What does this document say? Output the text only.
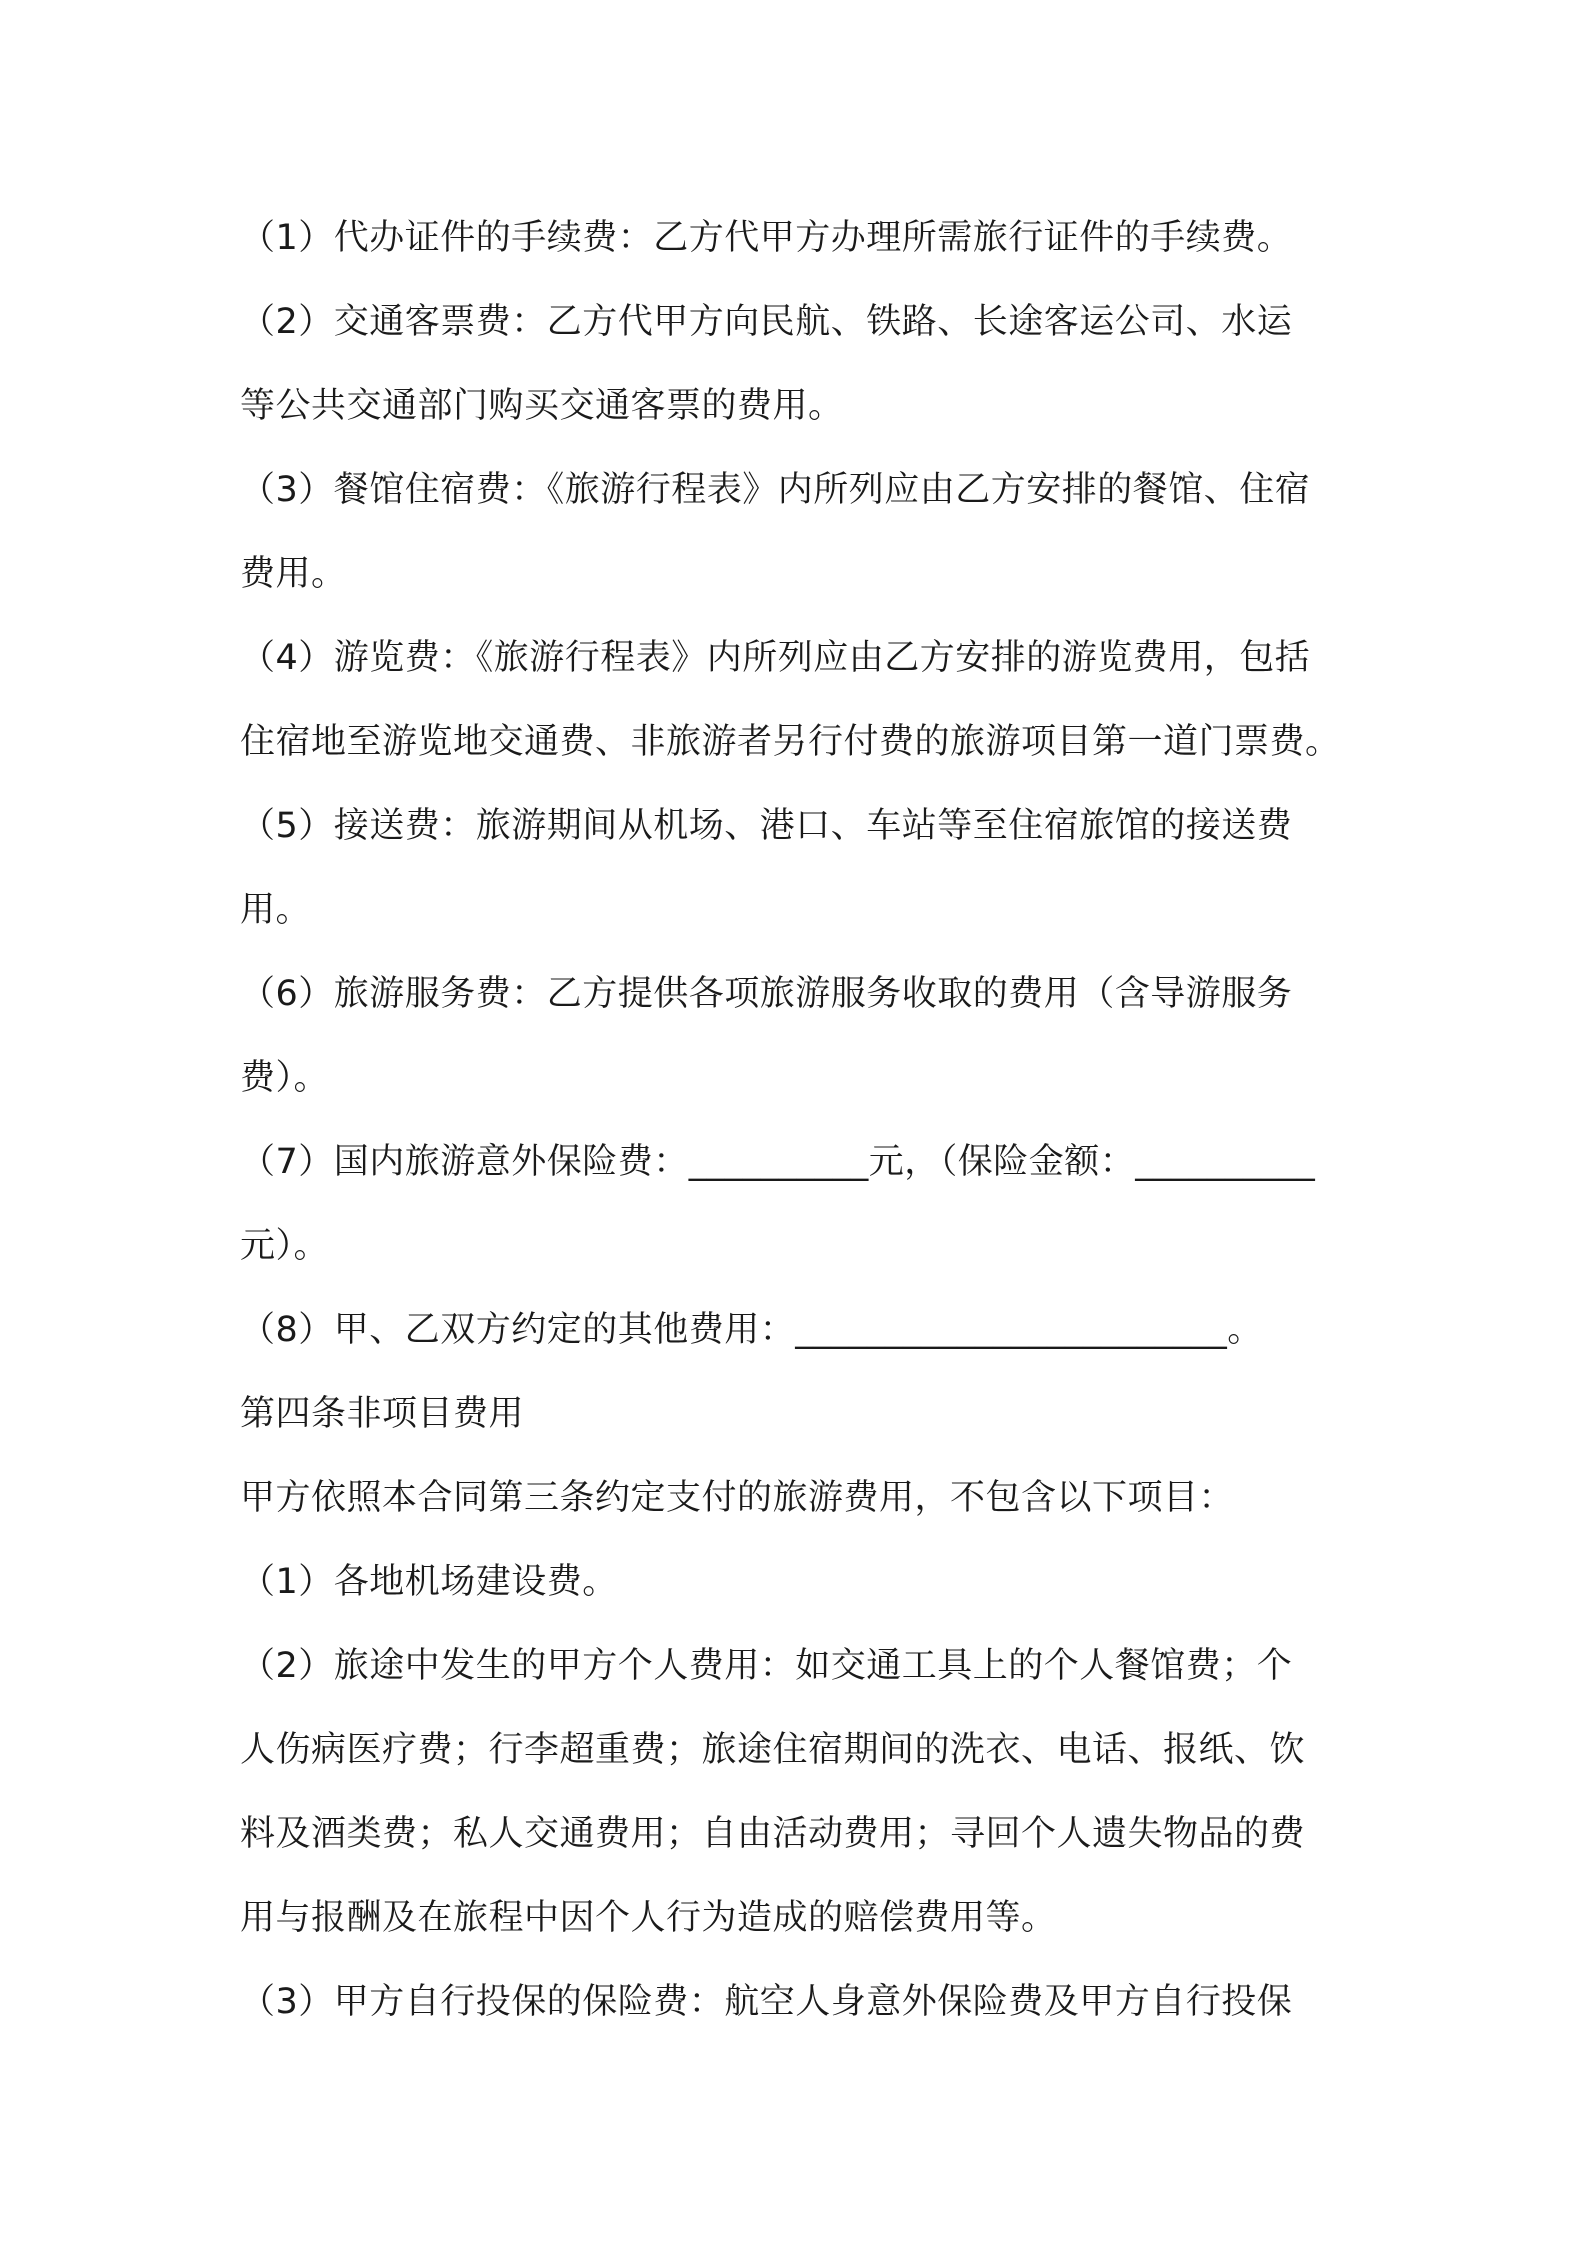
（1）代办证件的手续费：乙方代甲方办理所需旅行证件的手续费。
（2）交通客票费：乙方代甲方向民航、铁路、长途客运公司、水运
等公共交通部门购买交通客票的费用。
（3）餐馆住宿费：《旅游行程表》内所列应由乙方安排的餐馆、住宿
费用。
（4）游览费：《旅游行程表》内所列应由乙方安排的游览费用，包括
住宿地至游览地交通费、非旅游者另行付费的旅游项目第一道门票费。
（5）接送费：旅游期间从机场、港口、车站等至住宿旅馆的接送费
用。
（6）旅游服务费：乙方提供各项旅游服务收取的费用（含导游服务
费）。
（7）国内旅游意外保险费：__________元，（保险金额：__________
元）。
（8）甲、乙双方约定的其他费用：________________________。
第四条非项目费用
甲方依照本合同第三条约定支付的旅游费用，不包含以下项目：
（1）各地机场建设费。
（2）旅途中发生的甲方个人费用：如交通工具上的个人餐馆费；个
人伤病医疗费；行李超重费；旅途住宿期间的洗衣、电话、报纸、饮
料及酒类费；私人交通费用；自由活动费用；寻回个人遗失物品的费
用与报酬及在旅程中因个人行为造成的赔偿费用等。
（3）甲方自行投保的保险费：航空人身意外保险费及甲方自行投保
